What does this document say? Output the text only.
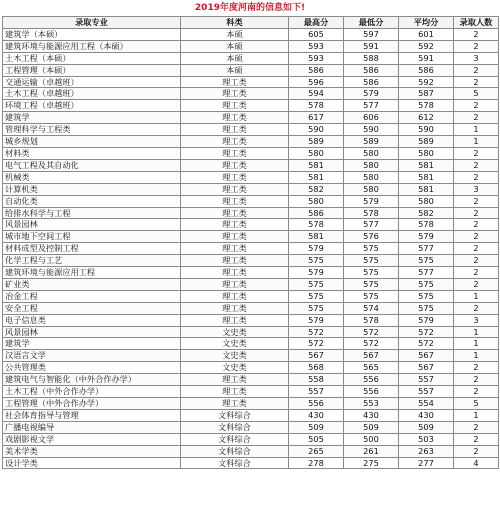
2019年度河南的信息如下!
录取专业	科类	最高分	最低分	平均分	录取人数
建筑学（本硕）	本硕	605	597	601	2
建筑环境与能源应用工程（本硕）	本硕	593	591	592	2
土木工程（本硕）	本硕	593	588	591	3
工程管理（本硕）	本硕	586	586	586	2
交通运输（卓越班）	理工类	596	586	592	2
土木工程（卓越班）	理工类	594	579	587	5
环境工程（卓越班）	理工类	578	577	578	2
建筑学	理工类	617	606	612	2
管理科学与工程类	理工类	590	590	590	1
城乡规划	理工类	589	589	589	1
材料类	理工类	580	580	580	2
电气工程及其自动化	理工类	581	580	581	2
机械类	理工类	581	580	581	2
计算机类	理工类	582	580	581	3
自动化类	理工类	580	579	580	2
给排水科学与工程	理工类	586	578	582	2
风景园林	理工类	578	577	578	2
城市地下空间工程	理工类	581	576	579	2
材料成型及控制工程	理工类	579	575	577	2
化学工程与工艺	理工类	575	575	575	2
建筑环境与能源应用工程	理工类	579	575	577	2
矿业类	理工类	575	575	575	2
冶金工程	理工类	575	575	575	1
安全工程	理工类	575	574	575	2
电子信息类	理工类	579	578	579	3
风景园林	文史类	572	572	572	1
建筑学	文史类	572	572	572	1
汉语言文学	文史类	567	567	567	1
公共管理类	文史类	568	565	567	2
建筑电气与智能化（中外合作办学）	理工类	558	556	557	2
土木工程（中外合作办学）	理工类	557	556	557	2
工程管理（中外合作办学）	理工类	556	553	554	5
社会体育指导与管理	文科综合	430	430	430	1
广播电视编导	文科综合	509	509	509	2
戏剧影视文学	文科综合	505	500	503	2
美术学类	文科综合	265	261	263	2
设计学类	文科综合	278	275	277	4
